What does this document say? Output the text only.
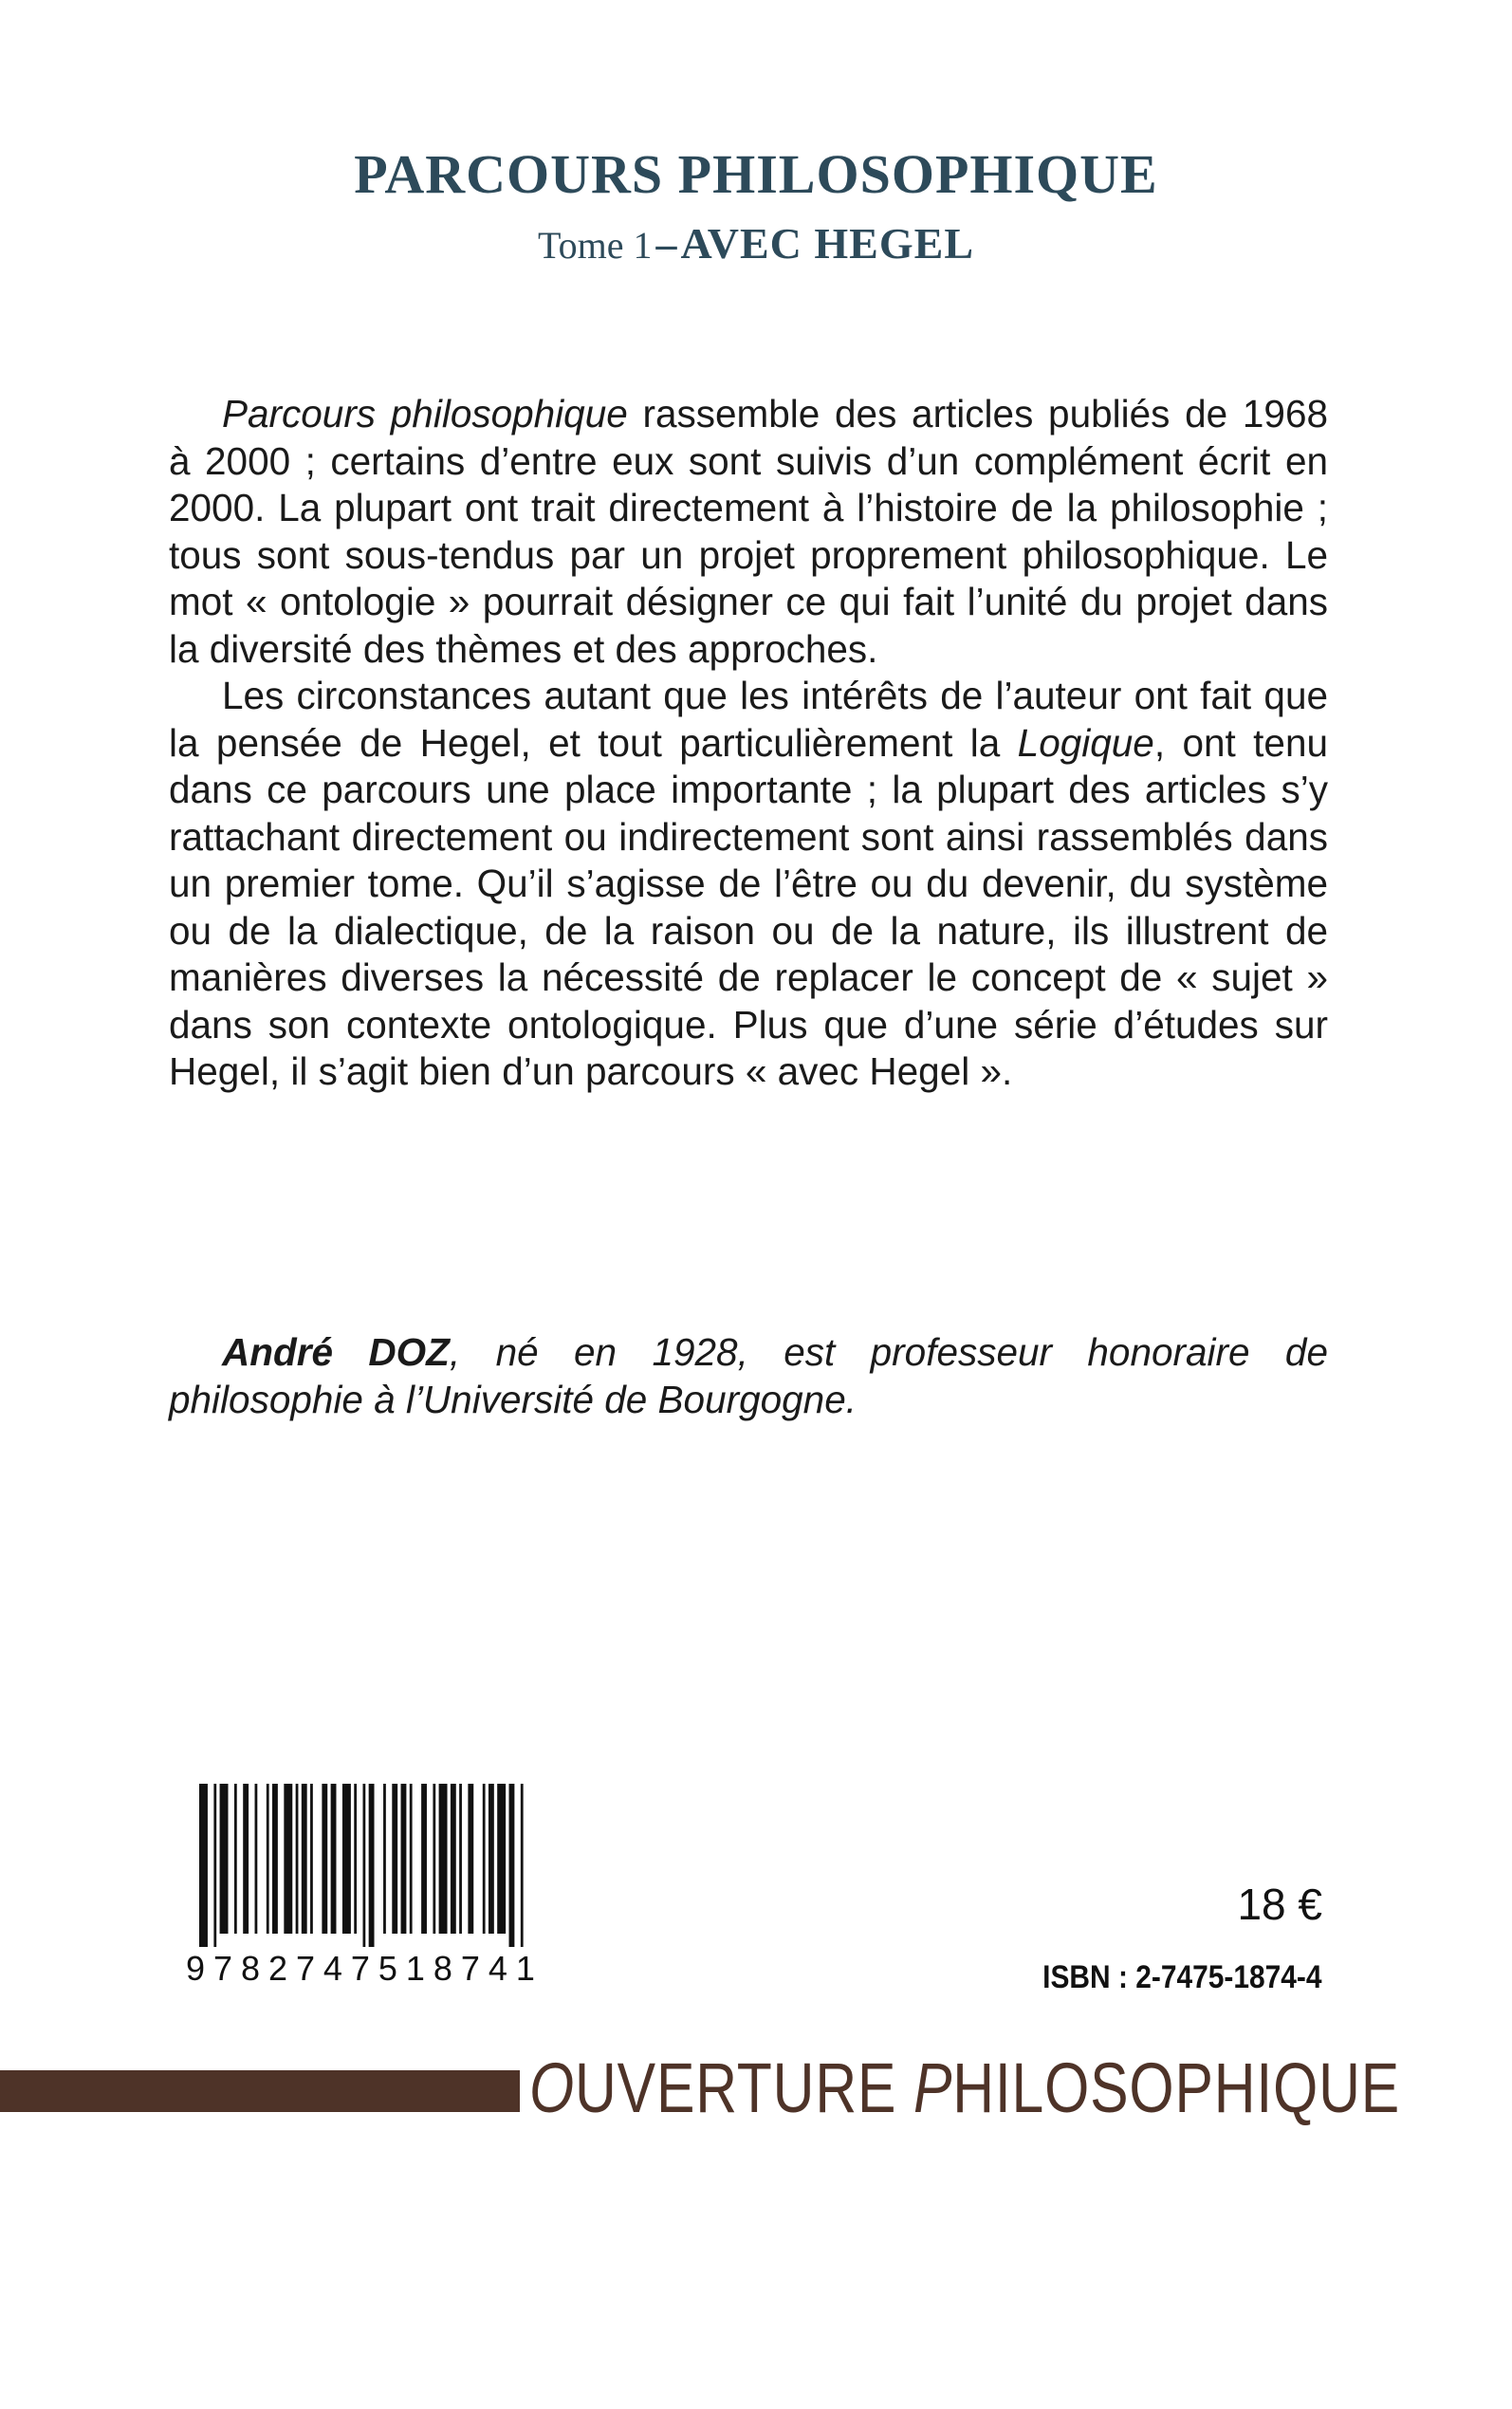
PARCOURS PHILOSOPHIQUE
Tome 1 – AVEC HEGEL

Parcours philosophique rassemble des articles publiés de 1968 à 2000 ; certains d’entre eux sont suivis d’un complément écrit en 2000. La plupart ont trait directement à l’histoire de la philosophie ; tous sont sous-tendus par un projet proprement philosophique. Le mot « ontologie » pourrait désigner ce qui fait l’unité du projet dans la diversité des thèmes et des approches.

Les circonstances autant que les intérêts de l’auteur ont fait que la pensée de Hegel, et tout particulièrement la Logique, ont tenu dans ce parcours une place importante ; la plupart des articles s’y rattachant directement ou indirectement sont ainsi rassemblés dans un premier tome. Qu’il s’agisse de l’être ou du devenir, du système ou de la dialectique, de la raison ou de la nature, ils illustrent de manières diverses la nécessité de replacer le concept de « sujet » dans son contexte ontologique. Plus que d’une série d’études sur Hegel, il s’agit bien d’un parcours « avec Hegel ».

André DOZ, né en 1928, est professeur honoraire de philosophie à l’Université de Bourgogne.

9 7 8 2 7 4 7 5 1 8 7 4 1
18 €
ISBN : 2-7475-1874-4
OUVERTURE PHILOSOPHIQUE
